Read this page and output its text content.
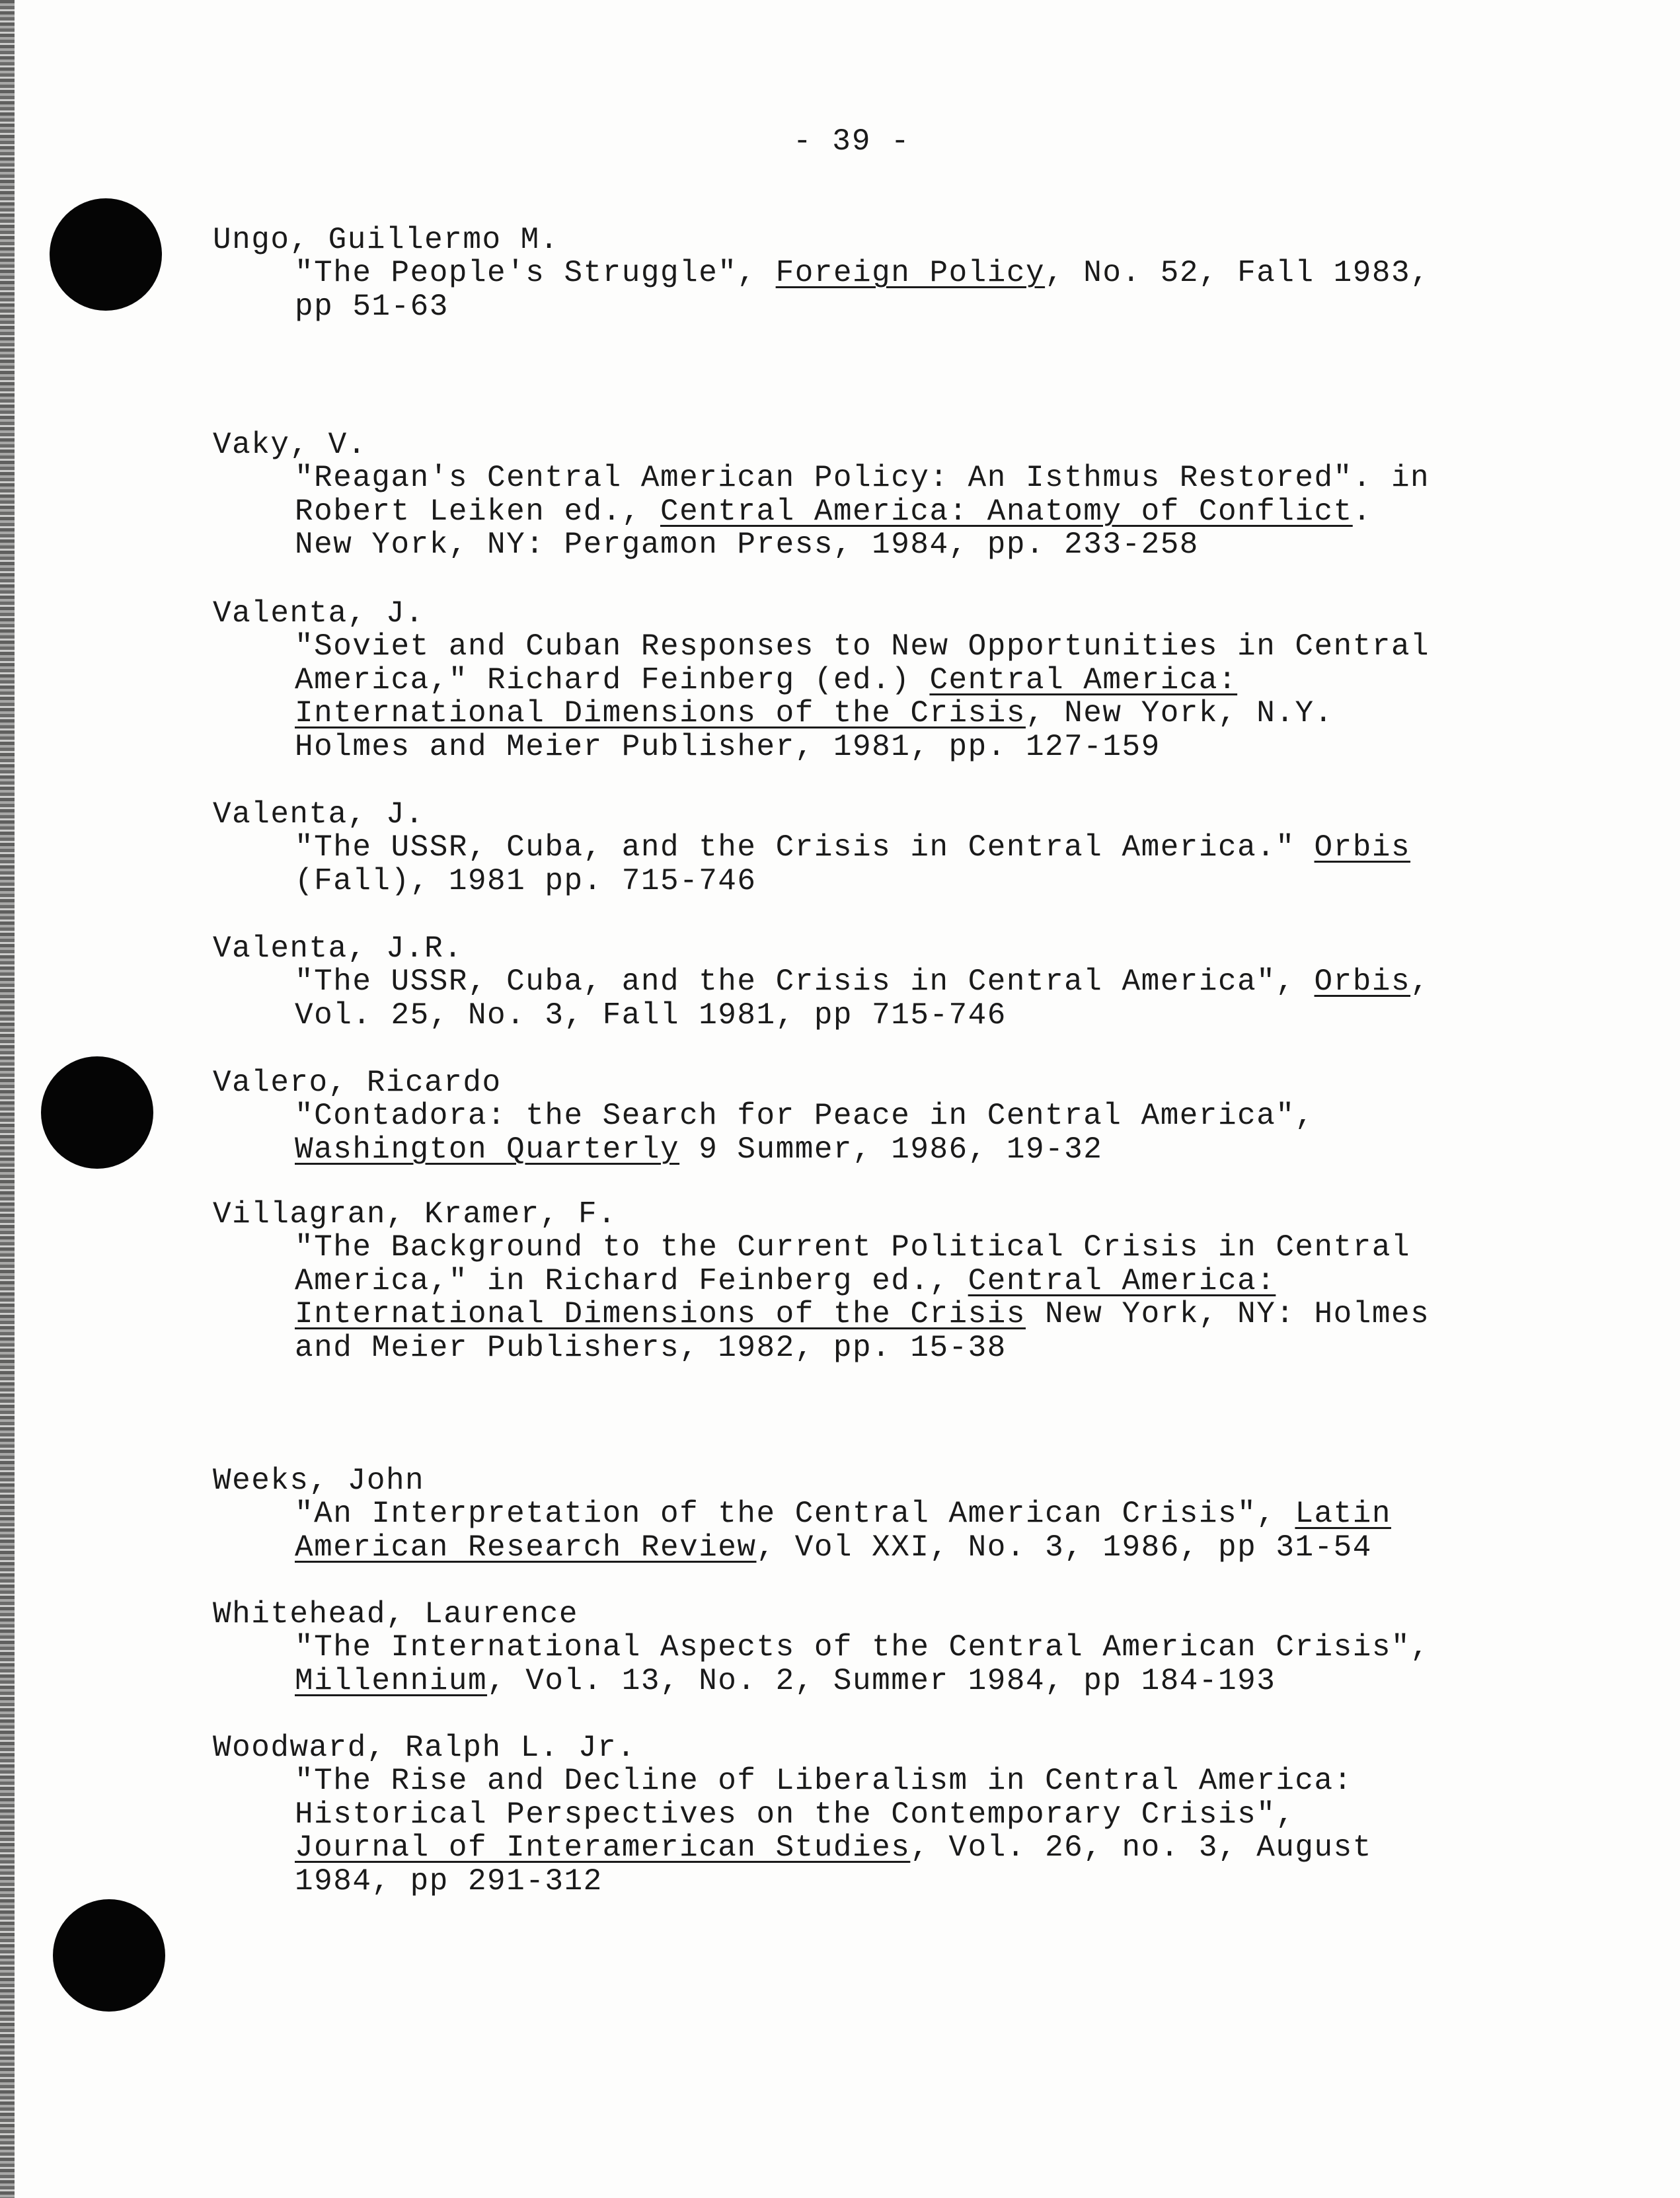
- 39 -
Ungo, Guillermo M.
"The People's Struggle", Foreign Policy, No. 52, Fall 1983,
pp 51-63
Vaky, V.
"Reagan's Central American Policy: An Isthmus Restored". in
Robert Leiken ed., Central America: Anatomy of Conflict.
New York, NY: Pergamon Press, 1984, pp. 233-258
Valenta, J.
"Soviet and Cuban Responses to New Opportunities in Central
America," Richard Feinberg (ed.) Central America:
International Dimensions of the Crisis, New York, N.Y.
Holmes and Meier Publisher, 1981, pp. 127-159
Valenta, J.
"The USSR, Cuba, and the Crisis in Central America." Orbis
(Fall), 1981 pp. 715-746
Valenta, J.R.
"The USSR, Cuba, and the Crisis in Central America", Orbis,
Vol. 25, No. 3, Fall 1981, pp 715-746
Valero, Ricardo
"Contadora: the Search for Peace in Central America",
Washington Quarterly 9 Summer, 1986, 19-32
Villagran, Kramer, F.
"The Background to the Current Political Crisis in Central
America," in Richard Feinberg ed., Central America:
International Dimensions of the Crisis New York, NY: Holmes
and Meier Publishers, 1982, pp. 15-38
Weeks, John
"An Interpretation of the Central American Crisis", Latin
American Research Review, Vol XXI, No. 3, 1986, pp 31-54
Whitehead, Laurence
"The International Aspects of the Central American Crisis",
Millennium, Vol. 13, No. 2, Summer 1984, pp 184-193
Woodward, Ralph L. Jr.
"The Rise and Decline of Liberalism in Central America:
Historical Perspectives on the Contemporary Crisis",
Journal of Interamerican Studies, Vol. 26, no. 3, August
1984, pp 291-312
